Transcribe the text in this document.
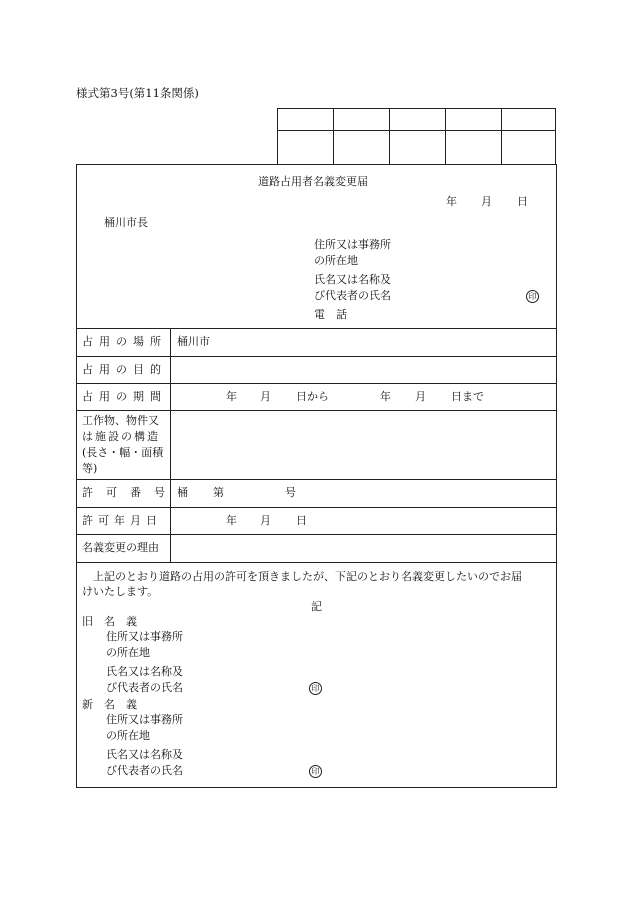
様式第3号(第11条関係)
道路占用者名義変更届
年 月 日
桶川市長
住所又は事務所
の所在地
氏名又は名称及
び代表者の氏名	印
電　話
占用の場所 桶川市
占用の目的
占用の期間	年 月 日から	年 月 日まで
工作物、物件又
は施設の構造
(長さ・幅・面積
等)
許可番号 桶 第	号
許可年月日	年 月 日
名義変更の理由
上記のとおり道路の占用の許可を頂きましたが、下記のとおり名義変更したいのでお届
けいたします。
記
旧　名　義
住所又は事務所
の所在地
氏名又は名称及
び代表者の氏名	印
新　名　義
住所又は事務所
の所在地
氏名又は名称及
び代表者の氏名	印
